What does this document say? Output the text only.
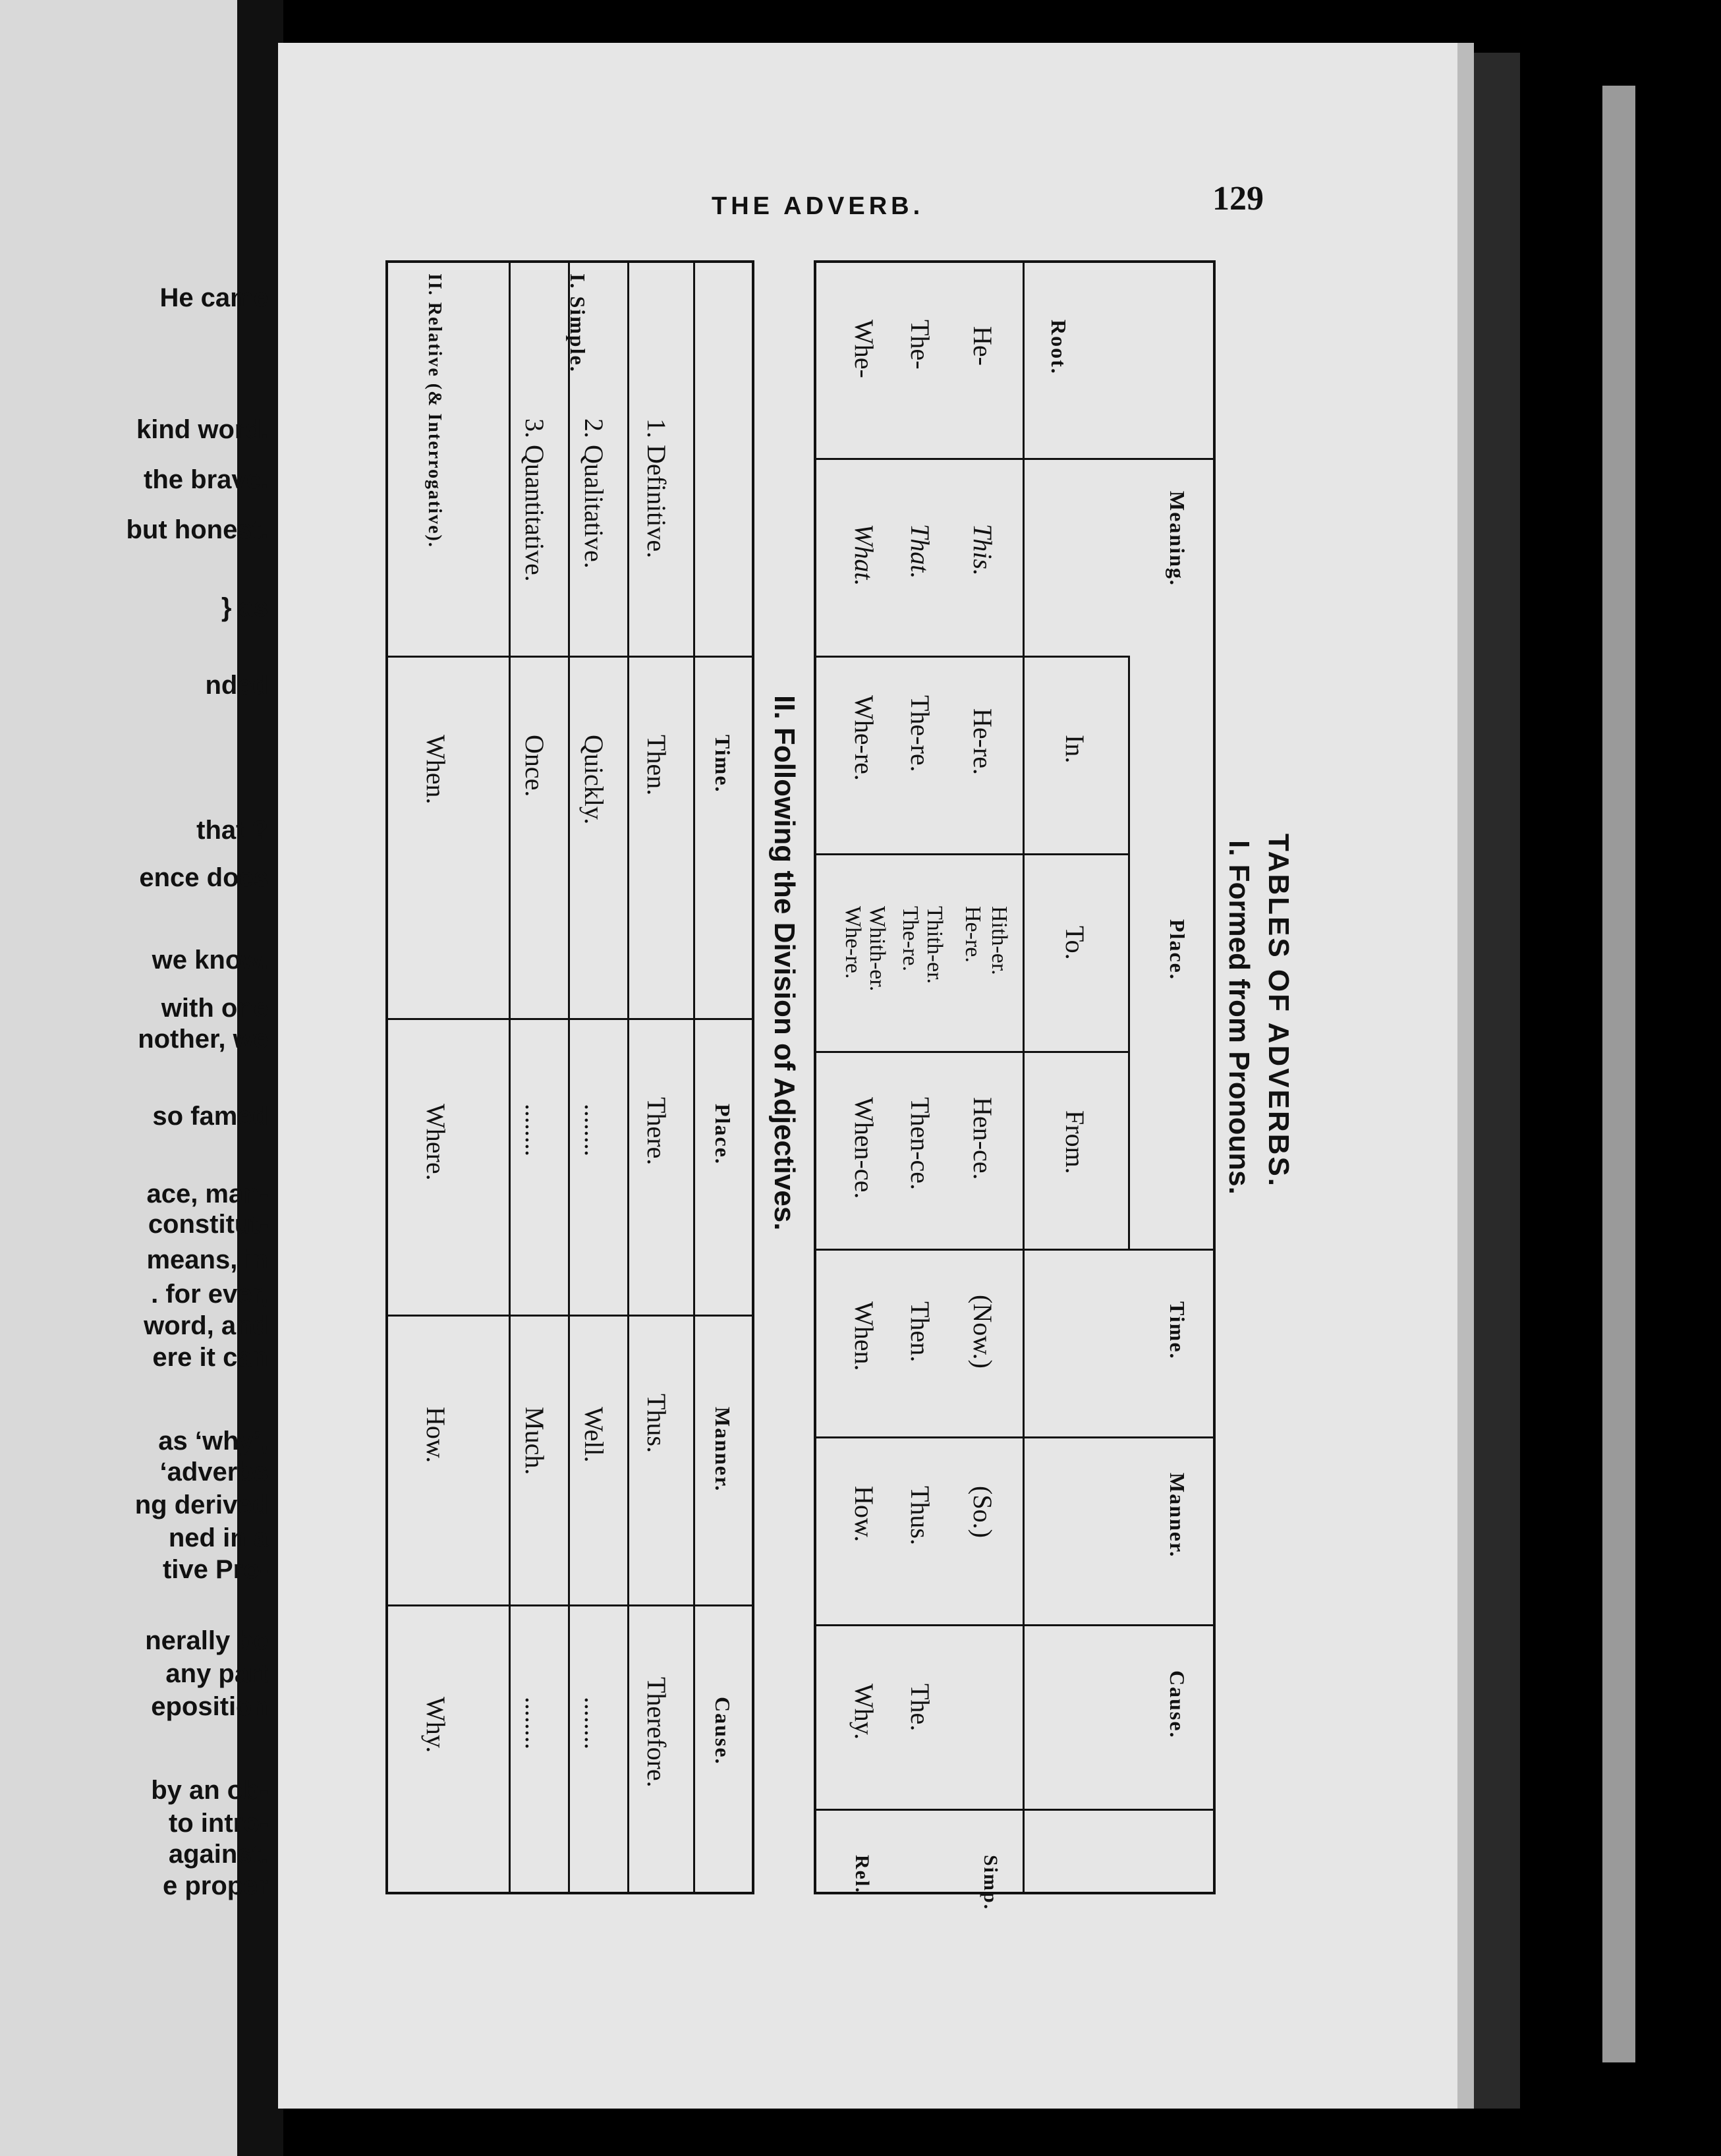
He came
kind word.
the brave.
but honest.
} as
nded
that ?
ence does
we know.
with one
nother, we
so famed
ace, man-
constitut-
means, in
. for ever,
word, and
ere it can
as ‘why’,
‘adverbs
ng derived
ned in a
tive Pro-
nerally be
any part
eposition
by an ob-
to intro-
against.
e proper
THE ADVERB.	129
TABLES OF ADVERBS.
I. Formed from Pronouns.
Root.
Meaning.
Place.
In.
To.
From.
Time.
Manner.
Cause.
He-
This.
He-re.
Hith-er.
He-re.
Hen-ce.
(Now.)
(So.)
The-
That.
The-re.
Thith-er.
The-re.
Then-ce.
Then.
Thus.
The.
Whe-
What.
Whe-re.
Whith-er.
Whe-re.
When-ce.
When.
How.
Why.
Simp.
Rel.
II. Following the Division of Adjectives.
Time.
Place.
Manner.
Cause.
I. Simple.
II. Relative (& Interrogative).	1. Definitive.
Then.
There.
Thus.
Therefore.
2. Qualitative.
Quickly.
........
Well.
........
3. Quantitative.
Once.
........
Much.
........
When.
Where.
How.
Why.
